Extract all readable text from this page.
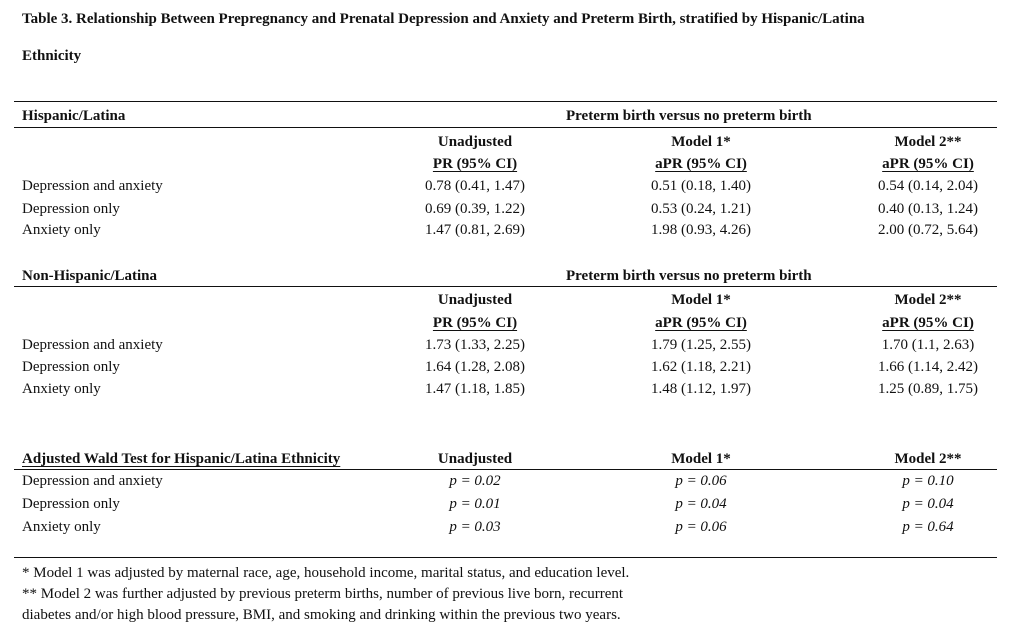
Table 3. Relationship Between Prepregnancy and Prenatal Depression and Anxiety and Preterm Birth, stratified by Hispanic/Latina
Ethnicity
Hispanic/Latina	Preterm birth versus no preterm birth
Unadjusted	Model 1*	Model 2**
PR (95% CI)	aPR (95% CI)	aPR (95% CI)
Depression and anxiety	0.78 (0.41, 1.47)	0.51 (0.18, 1.40)	0.54 (0.14, 2.04)
Depression only	0.69 (0.39, 1.22)	0.53 (0.24, 1.21)	0.40 (0.13, 1.24)
Anxiety only	1.47 (0.81, 2.69)	1.98 (0.93, 4.26)	2.00 (0.72, 5.64)
Non-Hispanic/Latina	Preterm birth versus no preterm birth
Unadjusted	Model 1*	Model 2**
PR (95% CI)	aPR (95% CI)	aPR (95% CI)
Depression and anxiety	1.73 (1.33, 2.25)	1.79 (1.25, 2.55)	1.70 (1.1, 2.63)
Depression only	1.64 (1.28, 2.08)	1.62 (1.18, 2.21)	1.66 (1.14, 2.42)
Anxiety only	1.47 (1.18, 1.85)	1.48 (1.12, 1.97)	1.25 (0.89, 1.75)
Adjusted Wald Test for Hispanic/Latina Ethnicity	Unadjusted	Model 1*	Model 2**
Depression and anxiety	p = 0.02	p = 0.06	p = 0.10
Depression only	p = 0.01	p = 0.04	p = 0.04
Anxiety only	p = 0.03	p = 0.06	p = 0.64
* Model 1 was adjusted by maternal race, age, household income, marital status, and education level.
** Model 2 was further adjusted by previous preterm births, number of previous live born, recurrent
diabetes and/or high blood pressure, BMI, and smoking and drinking within the previous two years.
